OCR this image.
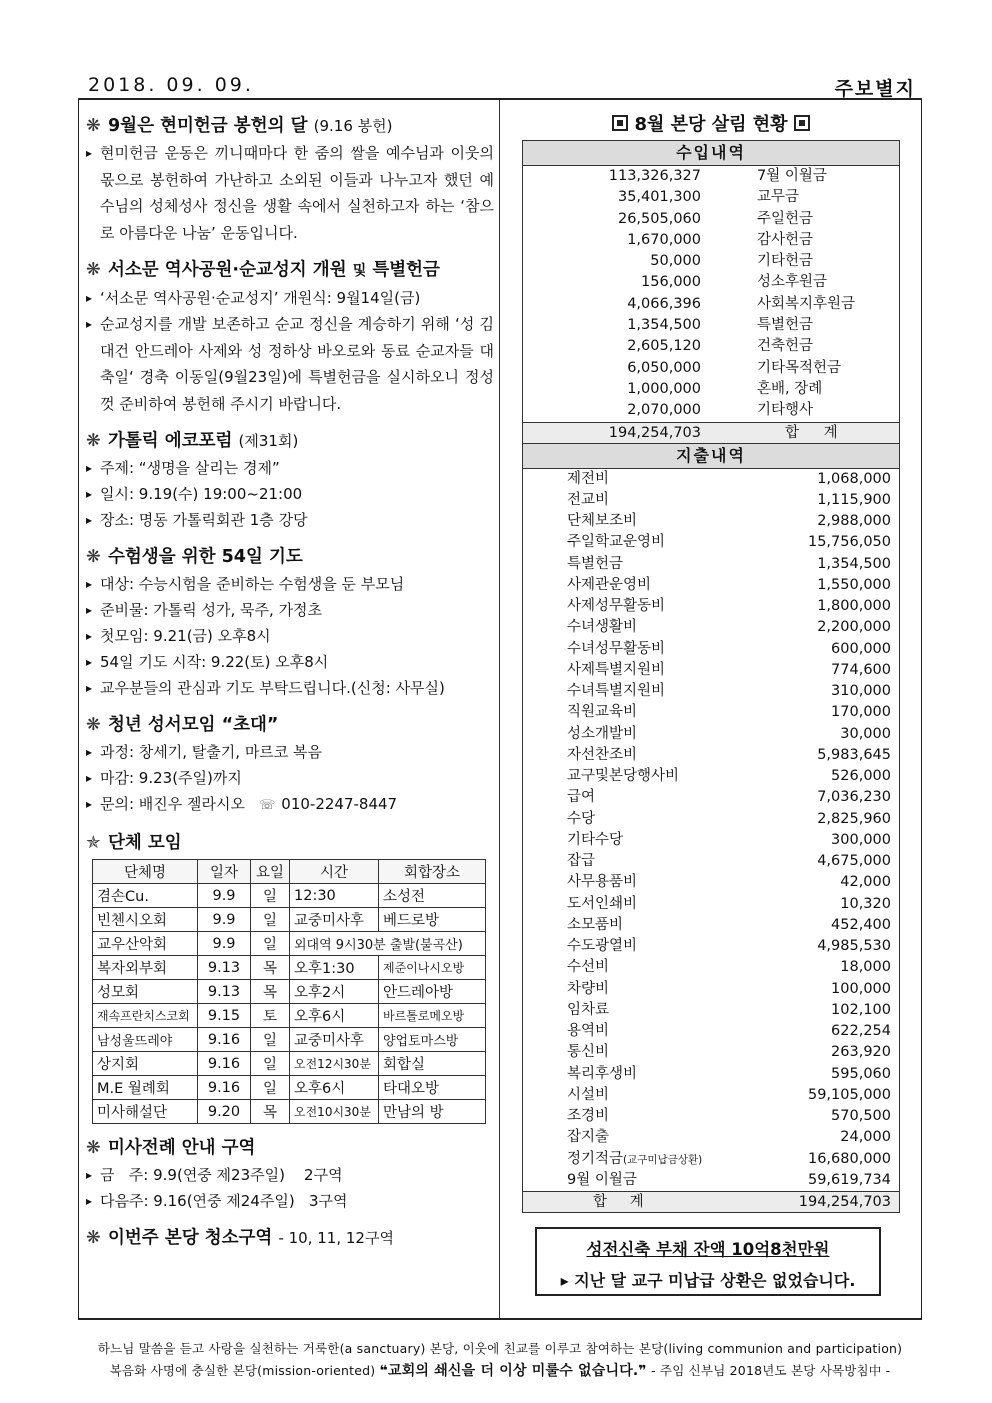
2018. 09. 09.	주보별지
❋ 9월은 현미헌금 봉헌의 달 (9.16 봉헌)
▸ 현미헌금 운동은 끼니때마다 한 줌의 쌀을 예수님과 이웃의 몫으로 봉헌하여 가난하고 소외된 이들과 나누고자 했던 예수님의 성체성사 정신을 생활 속에서 실천하고자 하는 ‘참으로 아름다운 나눔’ 운동입니다.
❋ 서소문 역사공원·순교성지 개원 및 특별헌금
▸ ‘서소문 역사공원·순교성지’ 개원식: 9월14일(금)
▸ 순교성지를 개발 보존하고 순교 정신을 계승하기 위해 ‘성 김대건 안드레아 사제와 성 정하상 바오로와 동료 순교자들 대축일‘ 경축 이동일(9월23일)에 특별헌금을 실시하오니 정성껏 준비하여 봉헌해 주시기 바랍니다.
❋ 가톨릭 에코포럼 (제31회)
▸ 주제: “생명을 살리는 경제”
▸ 일시: 9.19(수) 19:00~21:00
▸ 장소: 명동 가톨릭회관 1층 강당
❋ 수험생을 위한 54일 기도
▸ 대상: 수능시험을 준비하는 수험생을 둔 부모님
▸ 준비물: 가톨릭 성가, 묵주, 가정초
▸ 첫모임: 9.21(금) 오후8시
▸ 54일 기도 시작: 9.22(토) 오후8시
▸ 교우분들의 관심과 기도 부탁드립니다.(신청: 사무실)
❋ 청년 성서모임 “초대”
▸ 과정: 창세기, 탈출기, 마르코 복음
▸ 마감: 9.23(주일)까지
▸ 문의: 배진우 젤라시오 ☏ 010-2247-8447
✯ 단체 모임
단체명	일자	요일	시간	회합장소
겸손Cu.	9.9	일	12:30	소성전
빈첸시오회	9.9	일	교중미사후	베드로방
교우산악회	9.9	일	외대역 9시30분 출발(불곡산)	
복자외부회	9.13	목	오후1:30	제준이나시오방
성모회	9.13	목	오후2시	안드레아방
재속프란치스코회	9.15	토	오후6시	바르톨로메오방
남성울뜨레야	9.16	일	교중미사후	양업토마스방
상지회	9.16	일	오전12시30분	회합실
M.E 월례회	9.16	일	오후6시	타대오방
미사해설단	9.20	목	오전10시30분	만남의 방
❋ 미사전례 안내 구역
▸ 금   주: 9.9(연중 제23주일)    2구역
▸ 다음주: 9.16(연중 제24주일)   3구역
❋ 이번주 본당 청소구역 - 10, 11, 12구역
8월 본당 살림 현황
수입내역
113,326,327	7월 이월금
35,401,300	교무금
26,505,060	주일헌금
1,670,000	감사헌금
50,000	기타헌금
156,000	성소후원금
4,066,396	사회복지후원금
1,354,500	특별헌금
2,605,120	건축헌금
6,050,000	기타목적헌금
1,000,000	혼배, 장례
2,070,000	기타행사
194,254,703	합 계
지출내역
제전비	1,068,000
전교비	1,115,900
단체보조비	2,988,000
주일학교운영비	15,756,050
특별헌금	1,354,500
사제관운영비	1,550,000
사제성무활동비	1,800,000
수녀생활비	2,200,000
수녀성무활동비	600,000
사제특별지원비	774,600
수녀특별지원비	310,000
직원교육비	170,000
성소개발비	30,000
자선찬조비	5,983,645
교구및본당행사비	526,000
급여	7,036,230
수당	2,825,960
기타수당	300,000
잡급	4,675,000
사무용품비	42,000
도서인쇄비	10,320
소모품비	452,400
수도광열비	4,985,530
수선비	18,000
차량비	100,000
임차료	102,100
용역비	622,254
통신비	263,920
복리후생비	595,060
시설비	59,105,000
조경비	570,500
잡지출	24,000
정기적금(교구미납금상환)	16,680,000
9월 이월금	59,619,734
합 계	194,254,703
성전신축 부채 잔액 10억8천만원
▸ 지난 달 교구 미납급 상환은 없었습니다.
하느님 말씀을 듣고 사랑을 실천하는 거룩한(a sanctuary) 본당, 이웃에 친교를 이루고 참여하는 본당(living communion and participation)
복음화 사명에 충실한 본당(mission-oriented) ❝교회의 쇄신을 더 이상 미룰수 없습니다.❞ - 주임 신부님 2018년도 본당 사목방침中 -
